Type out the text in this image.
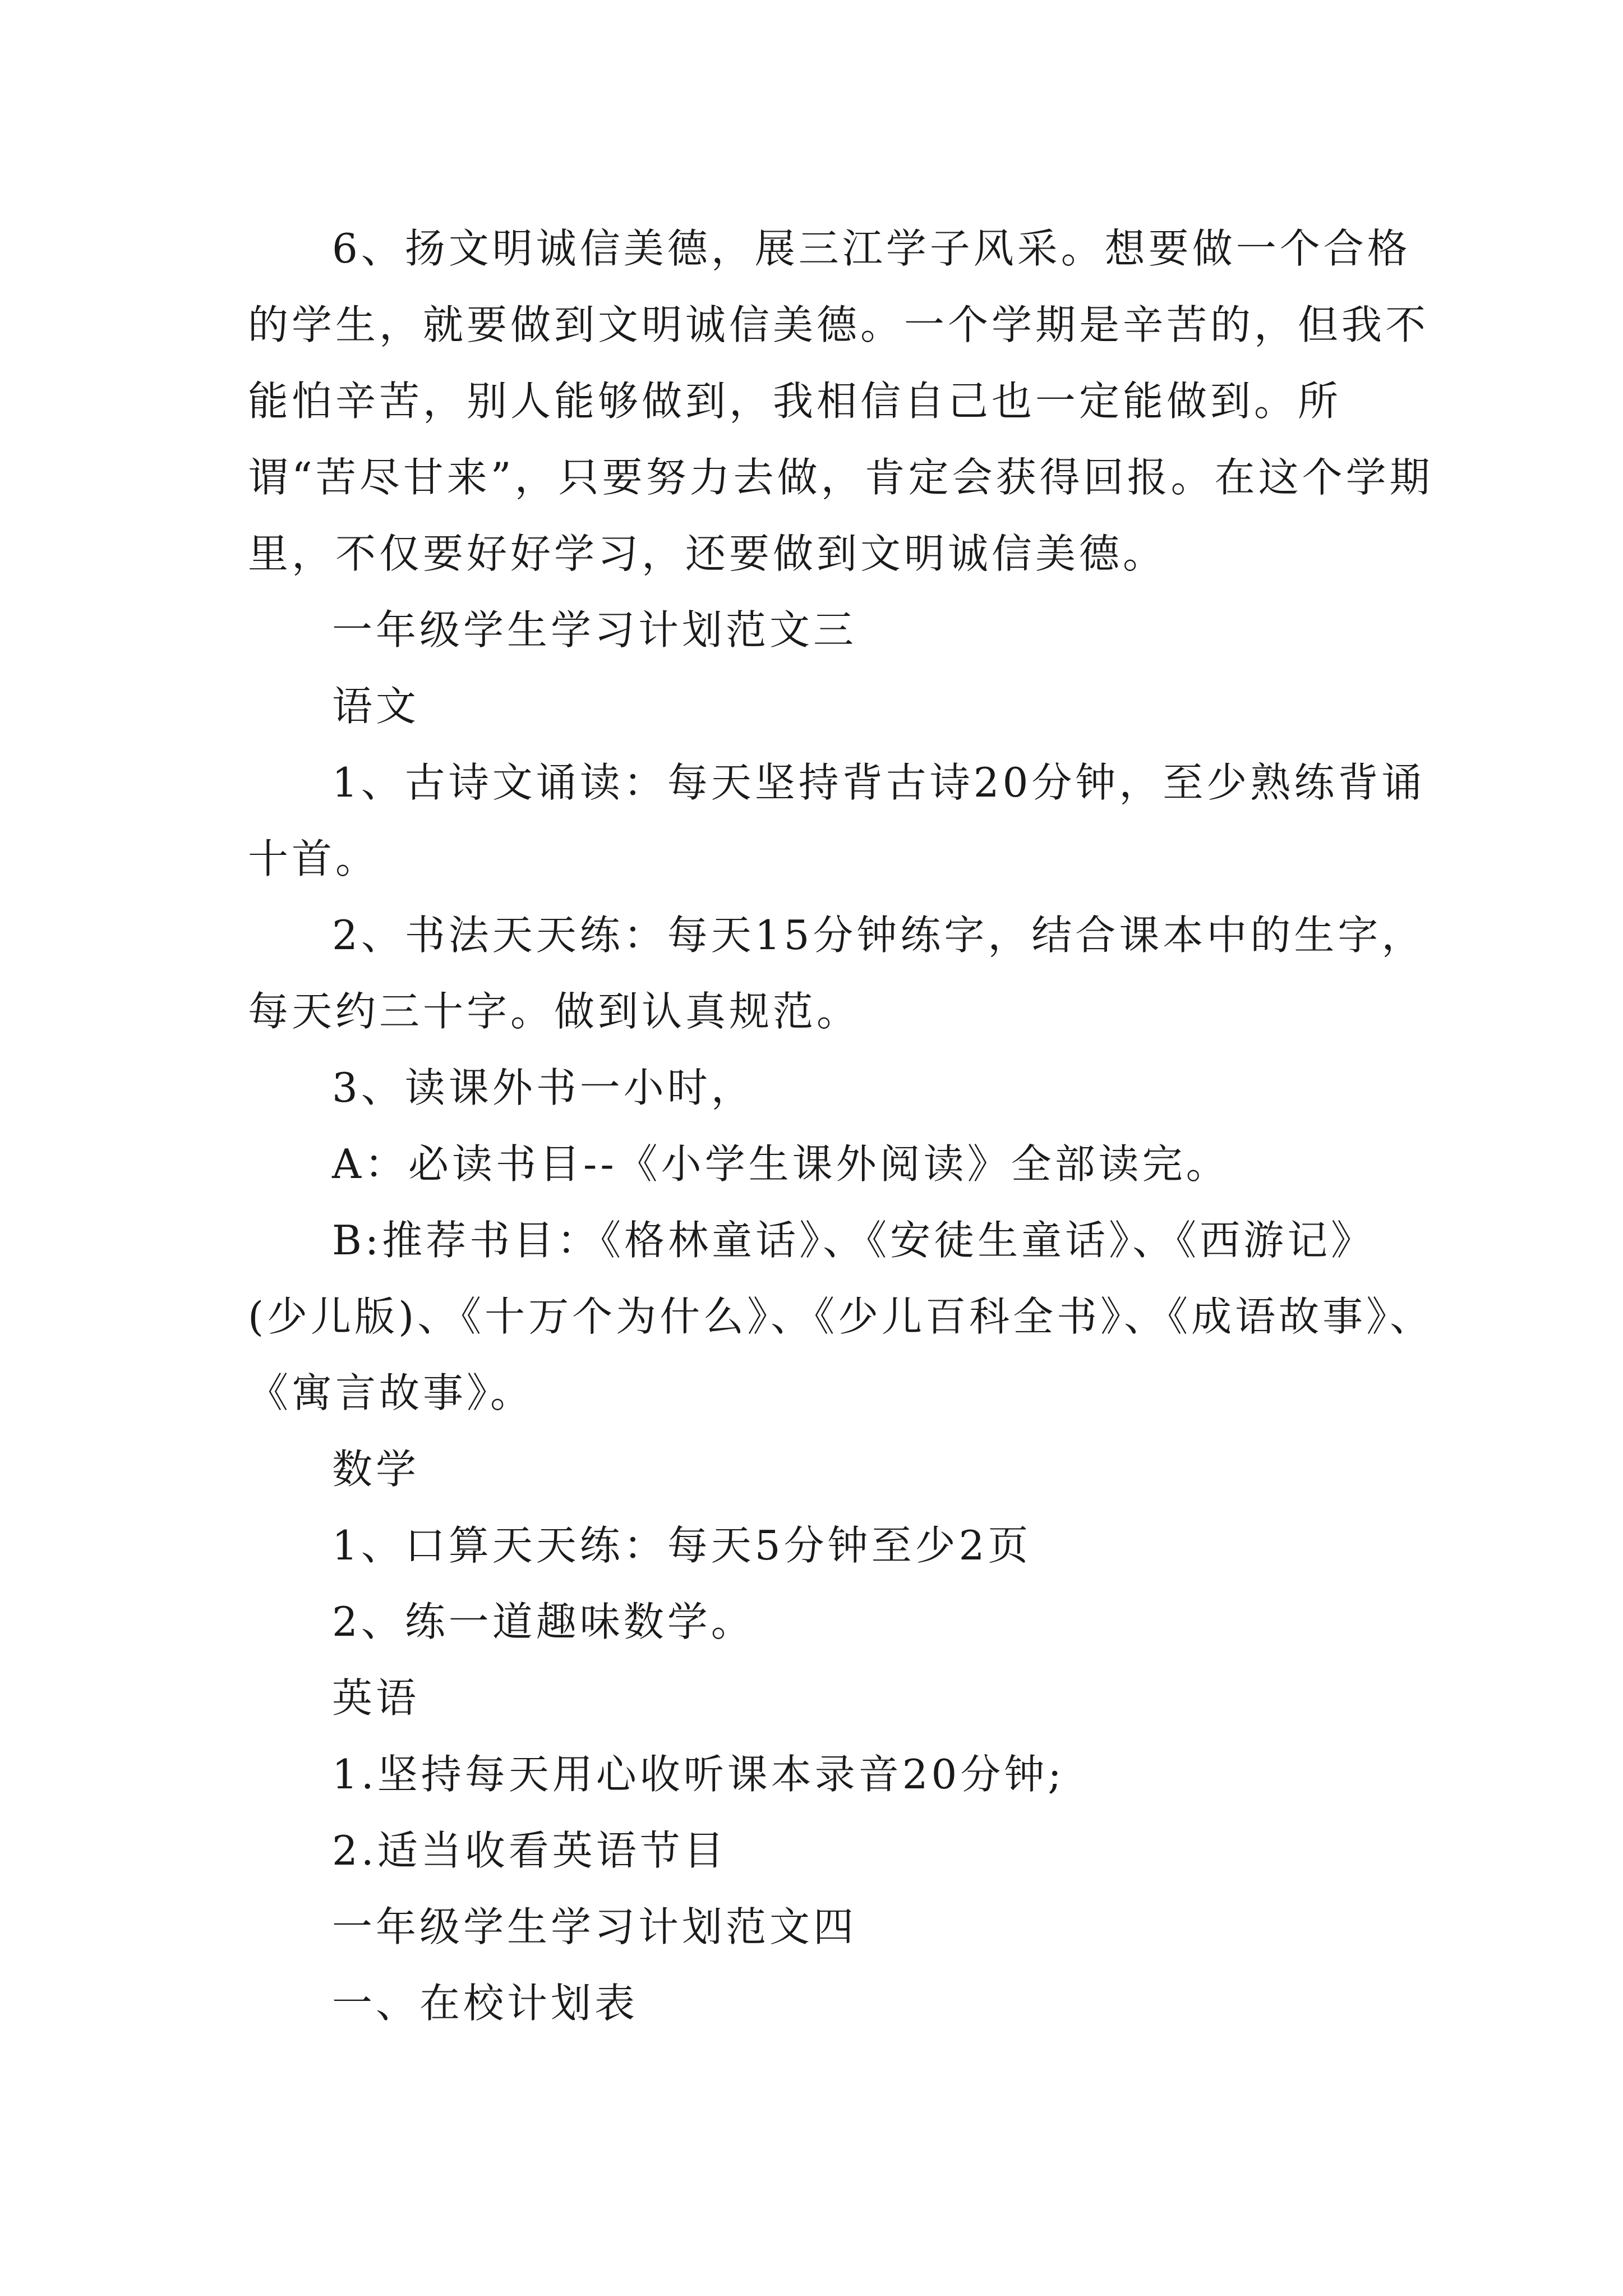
6、扬文明诚信美德，展三江学子风采。想要做一个合格的学生，就要做到文明诚信美德。一个学期是辛苦的，但我不能怕辛苦，别人能够做到，我相信自己也一定能做到。所谓“苦尽甘来”，只要努力去做，肯定会获得回报。在这个学期里，不仅要好好学习，还要做到文明诚信美德。

一年级学生学习计划范文三

语文

1、古诗文诵读：每天坚持背古诗20分钟，至少熟练背诵十首。

2、书法天天练：每天15分钟练字，结合课本中的生字，每天约三十字。做到认真规范。

3、读课外书一小时，

A：必读书目--《小学生课外阅读》全部读完。

B:推荐书目：《格林童话》、《安徒生童话》、《西游记》(少儿版)、《十万个为什么》、《少儿百科全书》、《成语故事》、《寓言故事》。

数学

1、口算天天练：每天5分钟至少2页

2、练一道趣味数学。

英语

1.坚持每天用心收听课本录音20分钟;

2.适当收看英语节目

一年级学生学习计划范文四

一、在校计划表
